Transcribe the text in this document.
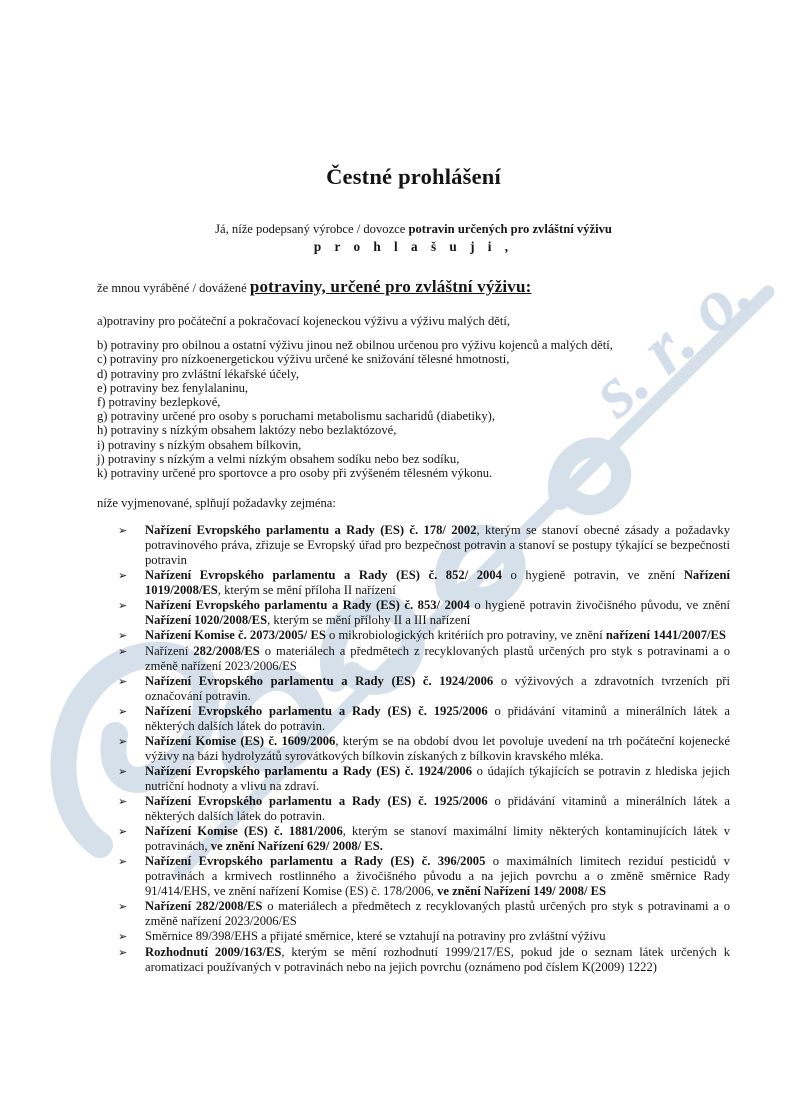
s. r. o.
Čestné prohlášení
Já, níže podepsaný výrobce / dovozce potravin určených pro zvláštní výživu
p r o h l a š u j i ,
že mnou vyráběné / dovážené potraviny, určené pro zvláštní výživu:
a)potraviny pro počáteční a pokračovací kojeneckou výživu a výživu malých dětí,
b) potraviny pro obilnou a ostatní výživu jinou než obilnou určenou pro výživu kojenců a malých dětí,
c) potraviny pro nízkoenergetickou výživu určené ke snižování tělesné hmotnosti,
d) potraviny pro zvláštní lékařské účely,
e) potraviny bez fenylalaninu,
f) potraviny bezlepkové,
g) potraviny určené pro osoby s poruchami metabolismu sacharidů (diabetiky),
h) potraviny s nízkým obsahem laktózy nebo bezlaktózové,
i) potraviny s nízkým obsahem bílkovin,
j) potraviny s nízkým a velmi nízkým obsahem sodíku nebo bez sodíku,
k) potraviny určené pro sportovce a pro osoby při zvýšeném tělesném výkonu.
níže vyjmenované, splňují požadavky zejména:
➢	Nařízení Evropského parlamentu a Rady (ES) č. 178/ 2002, kterým se stanoví obecné zásady a požadavky potravinového práva, zřizuje se Evropský úřad pro bezpečnost potravin a stanoví se postupy týkající se bezpečnosti potravin
➢	Nařízení Evropského parlamentu a Rady (ES) č. 852/ 2004 o hygieně potravin, ve znění Nařízení 1019/2008/ES, kterým se mění příloha II nařízení
➢	Nařízení Evropského parlamentu a Rady (ES) č. 853/ 2004 o hygieně potravin živočišného původu, ve znění Nařízení 1020/2008/ES, kterým se mění přílohy II a III nařízení
➢	Nařízení Komise č. 2073/2005/ ES o mikrobiologických kritériích pro potraviny, ve znění nařízení 1441/2007/ES
➢	Nařízení 282/2008/ES o materiálech a předmětech z recyklovaných plastů určených pro styk s potravinami a o změně nařízení 2023/2006/ES
➢	Nařízení Evropského parlamentu a Rady (ES) č. 1924/2006 o výživových a zdravotních tvrzeních při označování potravin.
➢	Nařízení Evropského parlamentu a Rady (ES) č. 1925/2006 o přidávání vitaminů a minerálních látek a některých dalších látek do potravin.
➢	Nařízení Komise (ES) č. 1609/2006, kterým se na období dvou let povoluje uvedení na trh počáteční kojenecké výživy na bázi hydrolyzátů syrovátkových bílkovin získaných z bílkovin kravského mléka.
➢	Nařízení Evropského parlamentu a Rady (ES) č. 1924/2006 o údajích týkajících se potravin z hlediska jejich nutriční hodnoty a vlivu na zdraví.
➢	Nařízení Evropského parlamentu a Rady (ES) č. 1925/2006 o přidávání vitaminů a minerálních látek a některých dalších látek do potravin.
➢	Nařízení Komise (ES) č. 1881/2006, kterým se stanoví maximální limity některých kontaminujících látek v potravinách, ve znění Nařízení 629/ 2008/ ES.
➢	Nařízení Evropského parlamentu a Rady (ES) č. 396/2005 o maximálních limitech reziduí pesticidů v potravinách a krmivech rostlinného a živočišného původu a na jejich povrchu a o změně směrnice Rady 91/414/EHS, ve znění nařízení Komise (ES) č. 178/2006, ve znění Nařízení 149/ 2008/ ES
➢	Nařízení 282/2008/ES o materiálech a předmětech z recyklovaných plastů určených pro styk s potravinami a o změně nařízení 2023/2006/ES
➢	Směrnice 89/398/EHS a přijaté směrnice, které se vztahují na potraviny pro zvláštní výživu
➢	Rozhodnutí 2009/163/ES, kterým se mění rozhodnutí 1999/217/ES, pokud jde o seznam látek určených k aromatizaci používaných v potravinách nebo na jejich povrchu (oznámeno pod číslem K(2009) 1222)
